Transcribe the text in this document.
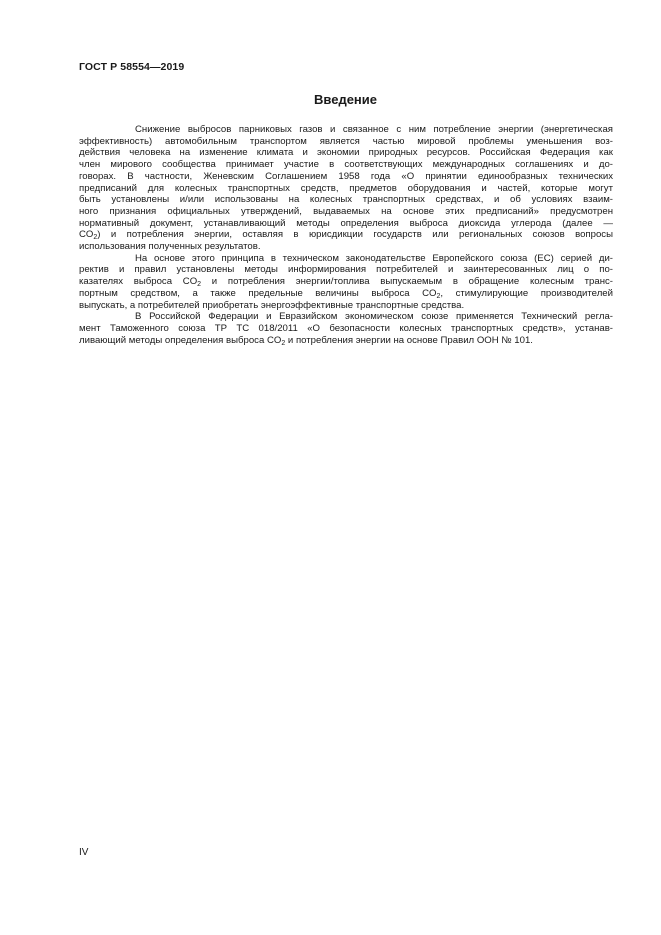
ГОСТ Р 58554—2019
Введение
Снижение выбросов парниковых газов и связанное с ним потребление энергии (энергетическая
эффективность) автомобильным транспортом является частью мировой проблемы уменьшения воз-
действия человека на изменение климата и экономии природных ресурсов. Российская Федерация как
член мирового сообщества принимает участие в соответствующих международных соглашениях и до-
говорах. В частности, Женевским Соглашением 1958 года «О принятии единообразных технических
предписаний для колесных транспортных средств, предметов оборудования и частей, которые могут
быть установлены и/или использованы на колесных транспортных средствах, и об условиях взаим-
ного признания официальных утверждений, выдаваемых на основе этих предписаний» предусмотрен
нормативный документ, устанавливающий методы определения выброса диоксида углерода (далее —
$CO_2$) и потребления энергии, оставляя в юрисдикции государств или региональных союзов вопросы
использования полученных результатов.
На основе этого принципа в техническом законодательстве Европейского союза (ЕС) серией ди-
ректив и правил установлены методы информирования потребителей и заинтересованных лиц о по-
казателях выброса $CO_2$ и потребления энергии/топлива выпускаемым в обращение колесным транс-
портным средством, а также предельные величины выброса $CO_2$, стимулирующие производителей
выпускать, а потребителей приобретать энергоэффективные транспортные средства.
В Российской Федерации и Евразийском экономическом союзе применяется Технический регла-
мент Таможенного союза ТР ТС 018/2011 «О безопасности колесных транспортных средств», устанав-
ливающий методы определения выброса $CO_2$ и потребления энергии на основе Правил ООН № 101.
IV
